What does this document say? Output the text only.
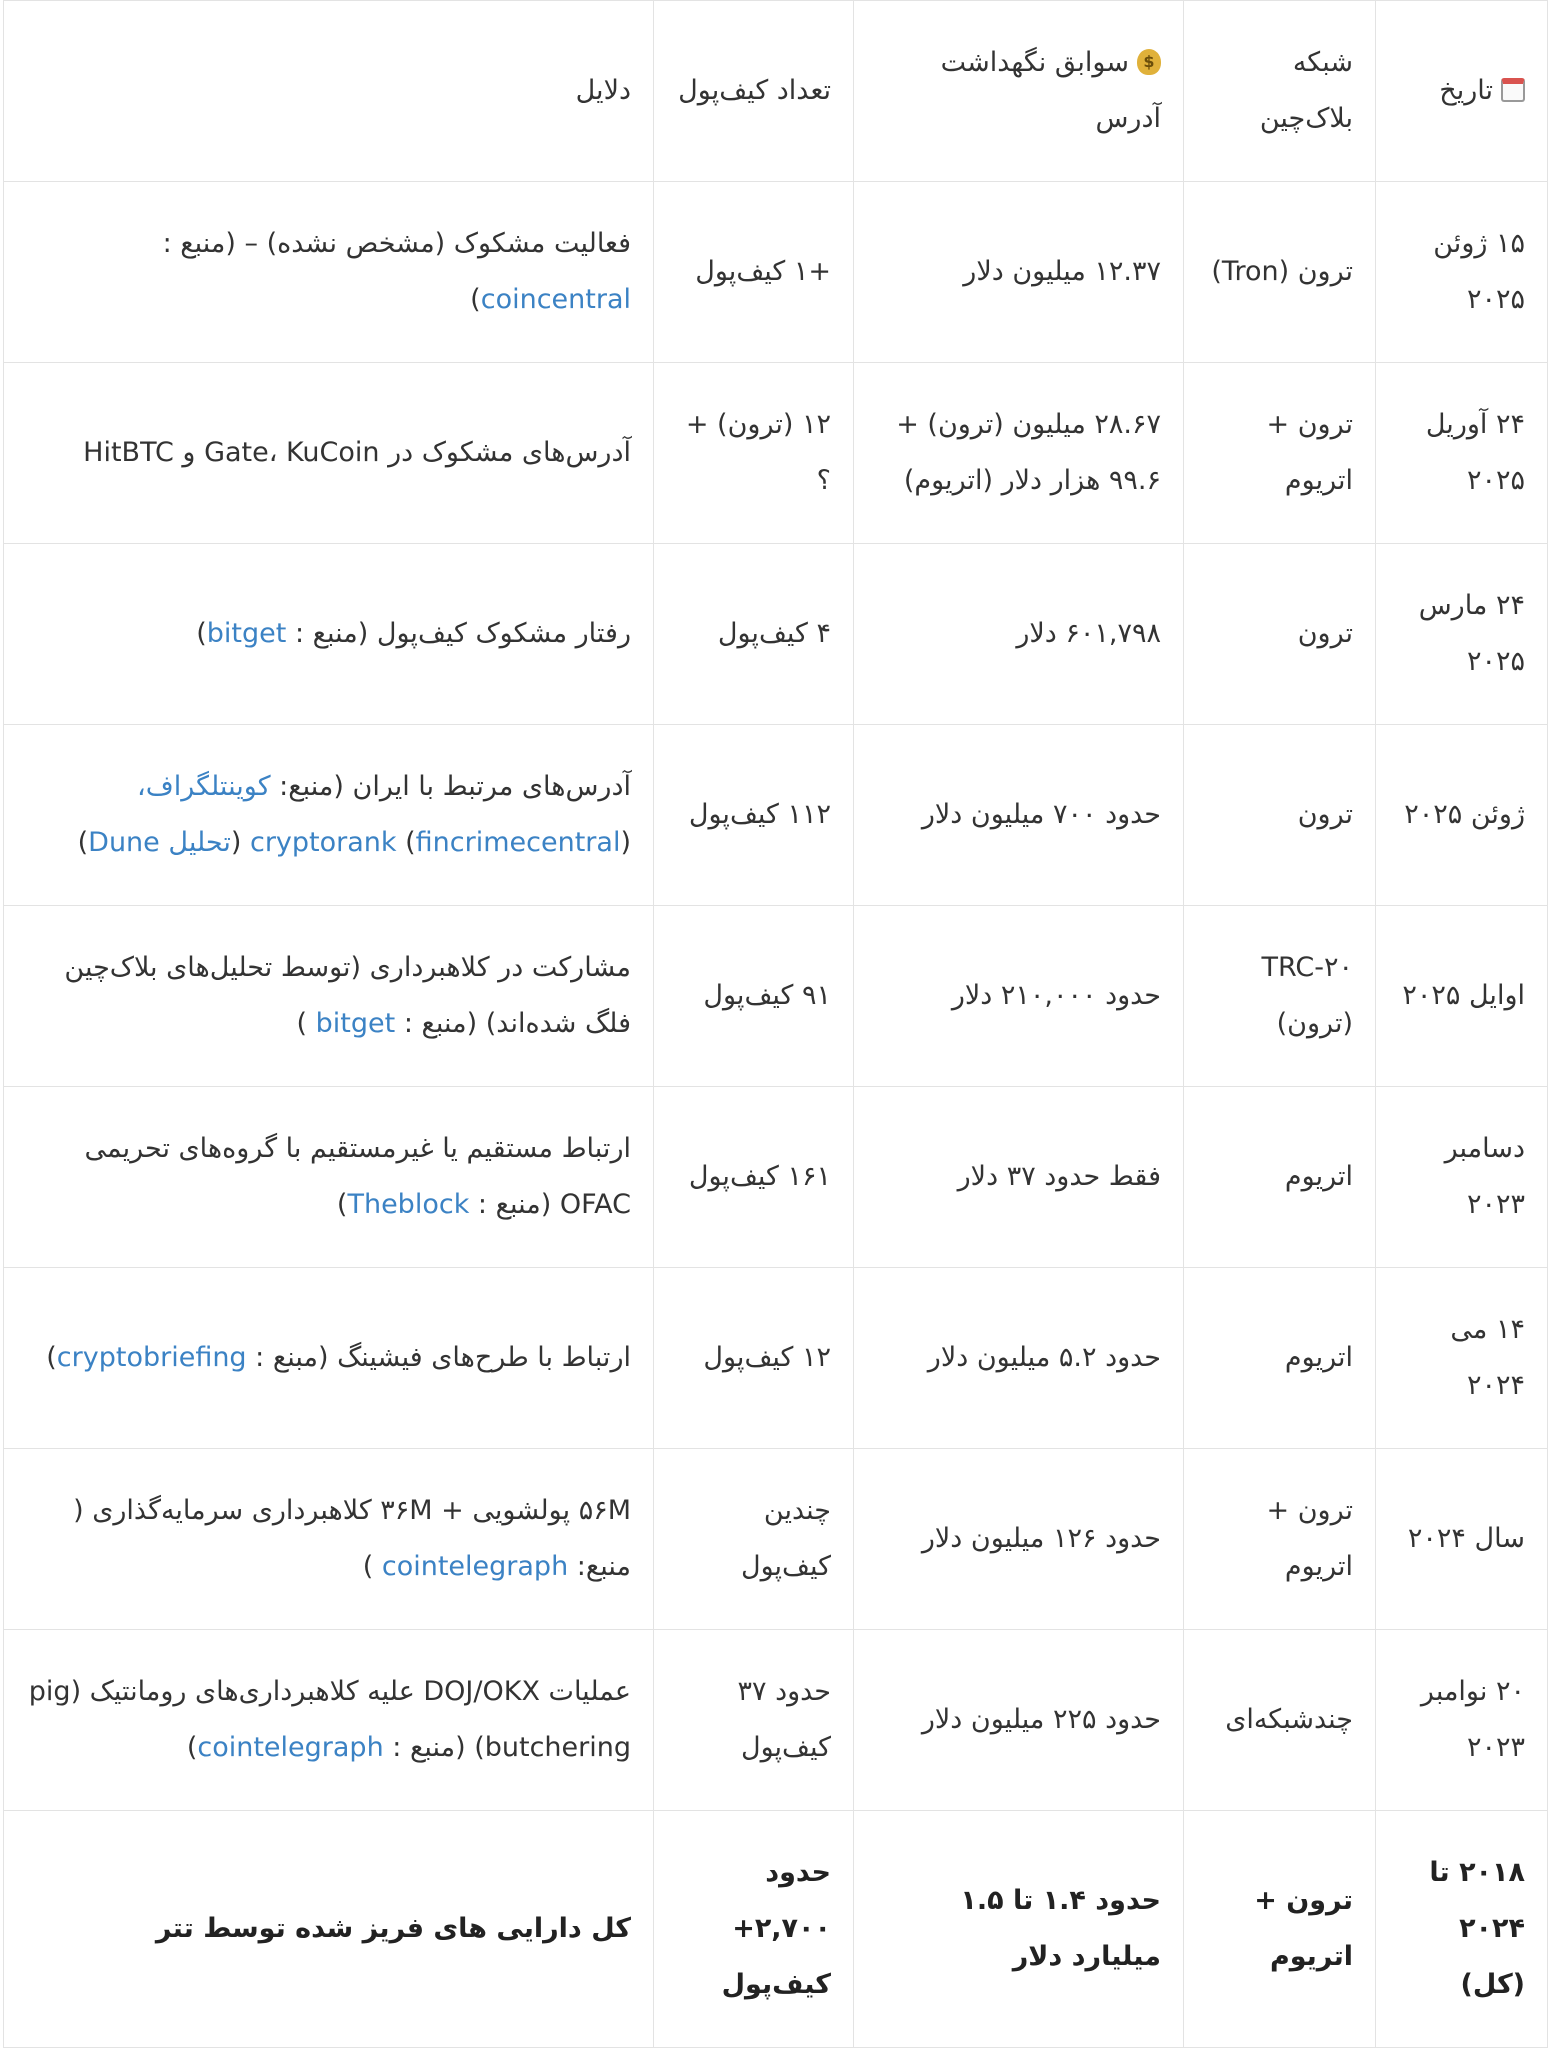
تاریخ	شبکه بلاک‌چین	$سوابق نگهداشت آدرس	تعداد کیف‌پول	دلایل
۱۵ ژوئن ۲۰۲۵	ترون (Tron)	۱۲.۳۷ میلیون دلار	+۱ کیف‌پول	فعالیت مشکوک (مشخص نشده) – (منبع : coincentral)
۲۴ آوریل ۲۰۲۵	ترون + اتریوم	۲۸.۶۷ میلیون (ترون) + ۹۹.۶ هزار دلار (اتریوم)	۱۲ (ترون) + ؟	آدرس‌های مشکوک در Gate، KuCoin و HitBTC
۲۴ مارس ۲۰۲۵	ترون	۶۰۱,۷۹۸ دلار	۴ کیف‌پول	رفتار مشکوک کیف‌پول (منبع : bitget)
ژوئن ۲۰۲۵	ترون	حدود ۷۰۰ میلیون دلار	۱۱۲ کیف‌پول	آدرس‌های مرتبط با ایران (منبع: کوینتلگراف، cryptorank (fincrimecentral) (تحلیل Dune)
اوایل ۲۰۲۵	TRC-۲۰ (ترون)	حدود ۲۱۰,۰۰۰ دلار	۹۱ کیف‌پول	مشارکت در کلاهبرداری (توسط تحلیل‌های بلاک‌چین فلگ شده‌اند) (منبع : bitget )
دسامبر ۲۰۲۳	اتریوم	فقط حدود ۳۷ دلار	۱۶۱ کیف‌پول	ارتباط مستقیم یا غیرمستقیم با گروه‌های تحریمی OFAC (منبع : Theblock)
۱۴ می ۲۰۲۴	اتریوم	حدود ۵.۲ میلیون دلار	۱۲ کیف‌پول	ارتباط با طرح‌های فیشینگ (مبنع : cryptobriefing)
سال ۲۰۲۴	ترون + اتریوم	حدود ۱۲۶ میلیون دلار	چندین کیف‌پول	۵۶M پولشویی + ۳۶M کلاهبرداری سرمایه‌گذاری ( منبع: cointelegraph )
۲۰ نوامبر ۲۰۲۳	چندشبکه‌ای	حدود ۲۲۵ میلیون دلار	حدود ۳۷ کیف‌پول	عملیات DOJ/OKX علیه کلاهبرداری‌های رومانتیک (pig butchering) (منبع : cointelegraph)
۲۰۱۸ تا ۲۰۲۴ (کل)	ترون + اتریوم	حدود ۱.۴ تا ۱.۵ میلیارد دلار	حدود ۲,۷۰۰+ کیف‌پول	کل دارایی های فریز شده توسط تتر
